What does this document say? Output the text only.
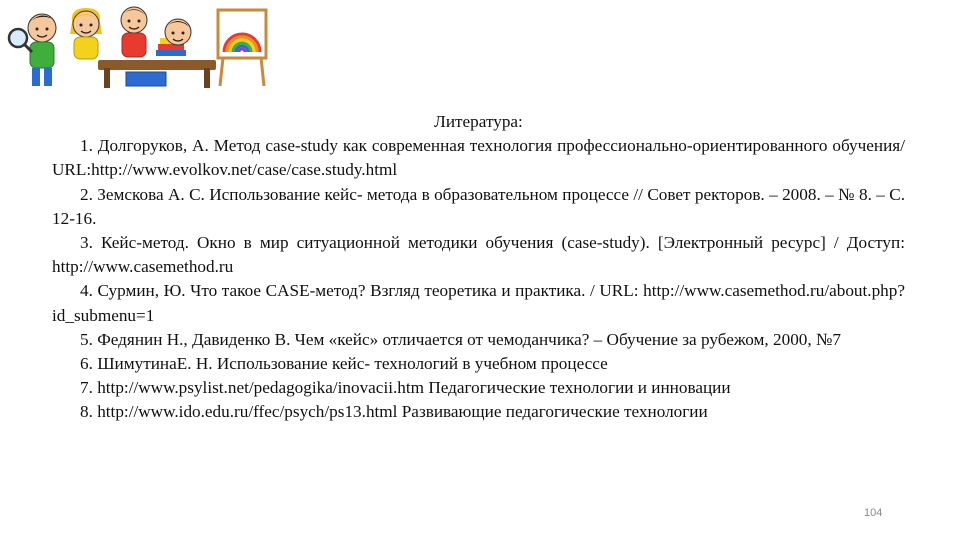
Литература:

1. Долгоруков, А. Метод case-study как современная технология профессионально-ориентированного обучения/ URL:http://www.evolkov.net/case/case.study.html

2. Земскова А. С. Использование кейс- метода в образовательном процессе // Совет ректоров. – 2008. – № 8. – С. 12-16.

3. Кейс-метод. Окно в мир ситуационной методики обучения (case-study). [Электронный ресурс] / Доступ: http://www.casemethod.ru

4. Сурмин, Ю. Что такое CASE-метод? Взгляд теоретика и практика. / URL: http://www.casemethod.ru/about.php?id_submenu=1

5. Федянин Н., Давиденко В. Чем «кейс» отличается от чемоданчика? – Обучение за рубежом, 2000, №7

6. ШимутинаЕ. Н. Использование кейс- технологий в учебном процессе

7. http://www.psylist.net/pedagogika/inovacii.htm Педагогические технологии и инновации

8. http://www.ido.edu.ru/ffec/psych/ps13.html Развивающие педагогические технологии

104
